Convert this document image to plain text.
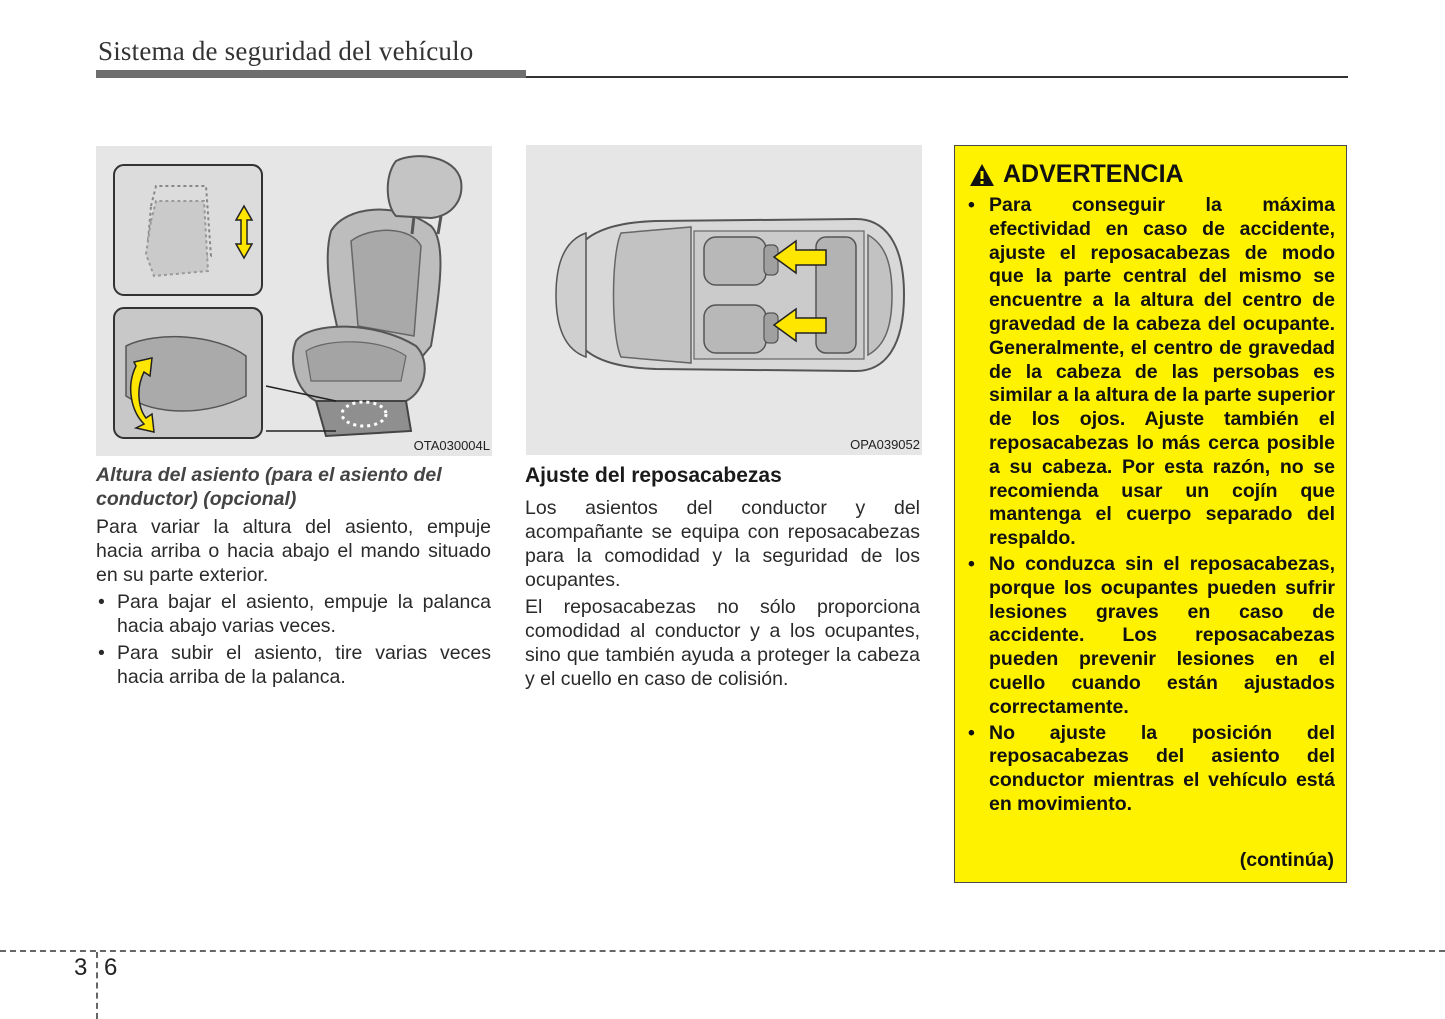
Sistema de seguridad del vehículo
OTA030004L	OPA039052
Altura del asiento (para el asiento del conductor) (opcional)

Para variar la altura del asiento, empuje hacia arriba o hacia abajo el mando situado en su parte exterior.

• Para bajar el asiento, empuje la palanca hacia abajo varias veces.
• Para subir el asiento, tire varias veces hacia arriba de la palanca.
Ajuste del reposacabezas

Los asientos del conductor y del acompañante se equipa con reposacabezas para la comodidad y la seguridad de los ocupantes.

El reposacabezas no sólo proporciona comodidad al conductor y a los ocupantes, sino que también ayuda a proteger la cabeza y el cuello en caso de colisión.

ADVERTENCIA
• Para conseguir la máxima efectividad en caso de accidente, ajuste el reposacabezas de modo que la parte central del mismo se encuentre a la altura del centro de gravedad de la cabeza del ocupante. Generalmente, el centro de gravedad de la cabeza de las persobas es similar a la altura de la parte superior de los ojos. Ajuste también el reposacabezas lo más cerca posible a su cabeza. Por esta razón, no se recomienda usar un cojín que mantenga el cuerpo separado del respaldo.
• No conduzca sin el reposacabezas, porque los ocupantes pueden sufrir lesiones graves en caso de accidente. Los reposacabezas pueden prevenir lesiones en el cuello cuando están ajustados correctamente.
• No ajuste la posición del reposacabezas del asiento del conductor mientras el vehículo está en movimiento.
(continúa)
3 6
